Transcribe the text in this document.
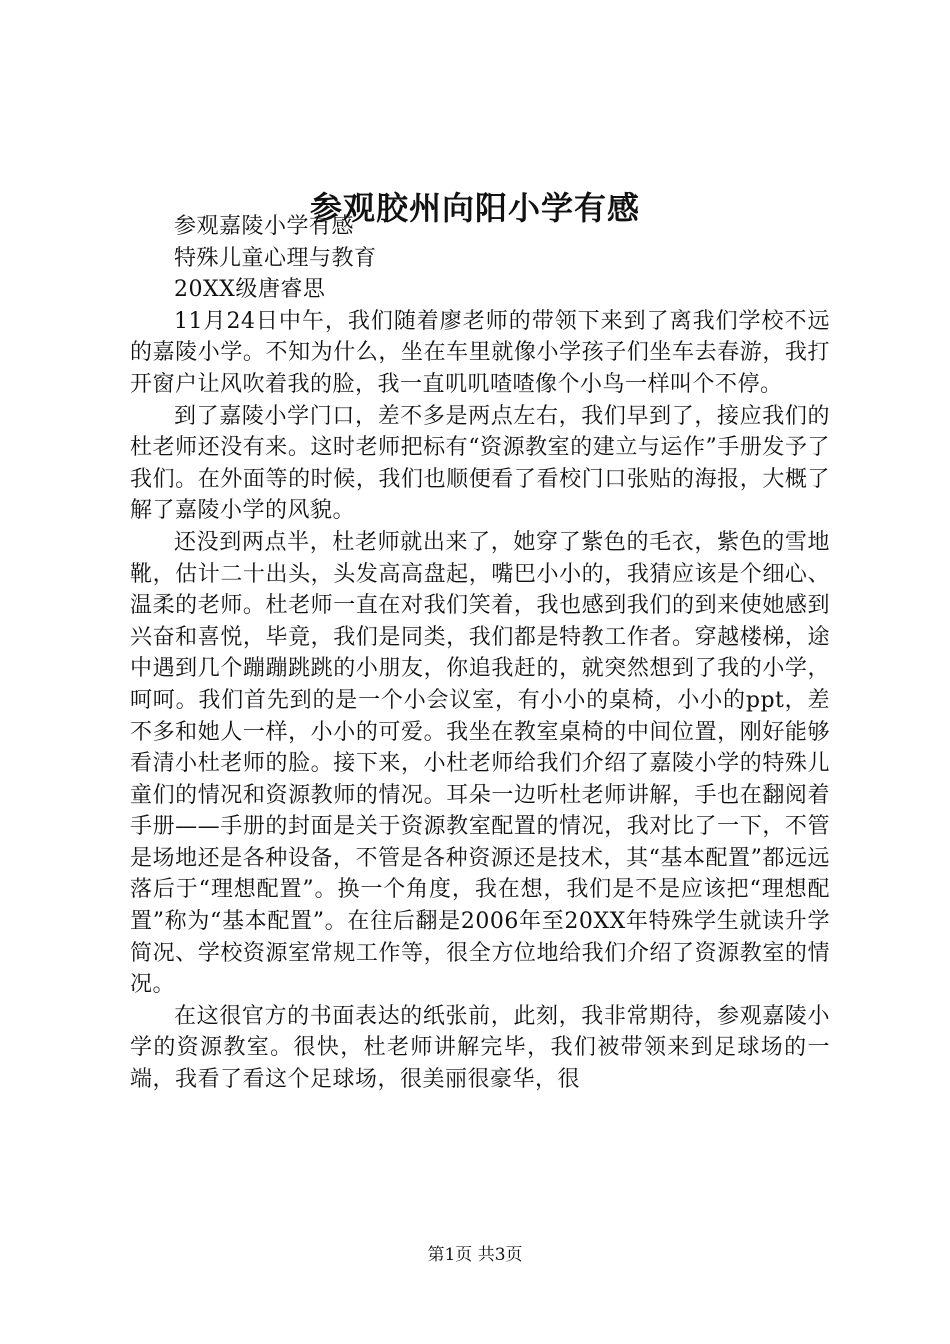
参观胶州向阳小学有感

参观嘉陵小学有感

特殊儿童心理与教育

20XX级唐睿思

11月24日中午，我们随着廖老师的带领下来到了离我们学校不远的嘉陵小学。不知为什么，坐在车里就像小学孩子们坐车去春游，我打开窗户让风吹着我的脸，我一直叽叽喳喳像个小鸟一样叫个不停。

到了嘉陵小学门口，差不多是两点左右，我们早到了，接应我们的杜老师还没有来。这时老师把标有“资源教室的建立与运作”手册发予了我们。在外面等的时候，我们也顺便看了看校门口张贴的海报，大概了解了嘉陵小学的风貌。

还没到两点半，杜老师就出来了，她穿了紫色的毛衣，紫色的雪地靴，估计二十出头，头发高高盘起，嘴巴小小的，我猜应该是个细心、温柔的老师。杜老师一直在对我们笑着，我也感到我们的到来使她感到兴奋和喜悦，毕竟，我们是同类，我们都是特教工作者。穿越楼梯，途中遇到几个蹦蹦跳跳的小朋友，你追我赶的，就突然想到了我的小学，呵呵。我们首先到的是一个小会议室，有小小的桌椅，小小的ppt，差不多和她人一样，小小的可爱。我坐在教室桌椅的中间位置，刚好能够看清小杜老师的脸。接下来，小杜老师给我们介绍了嘉陵小学的特殊儿童们的情况和资源教师的情况。耳朵一边听杜老师讲解，手也在翻阅着手册——手册的封面是关于资源教室配置的情况，我对比了一下，不管是场地还是各种设备，不管是各种资源还是技术，其“基本配置”都远远落后于“理想配置”。换一个角度，我在想，我们是不是应该把“理想配置”称为“基本配置”。在往后翻是2006年至20XX年特殊学生就读升学简况、学校资源室常规工作等，很全方位地给我们介绍了资源教室的情况。

在这很官方的书面表达的纸张前，此刻，我非常期待，参观嘉陵小学的资源教室。很快，杜老师讲解完毕，我们被带领来到足球场的一端，我看了看这个足球场，很美丽很豪华，很

第1页 共3页
